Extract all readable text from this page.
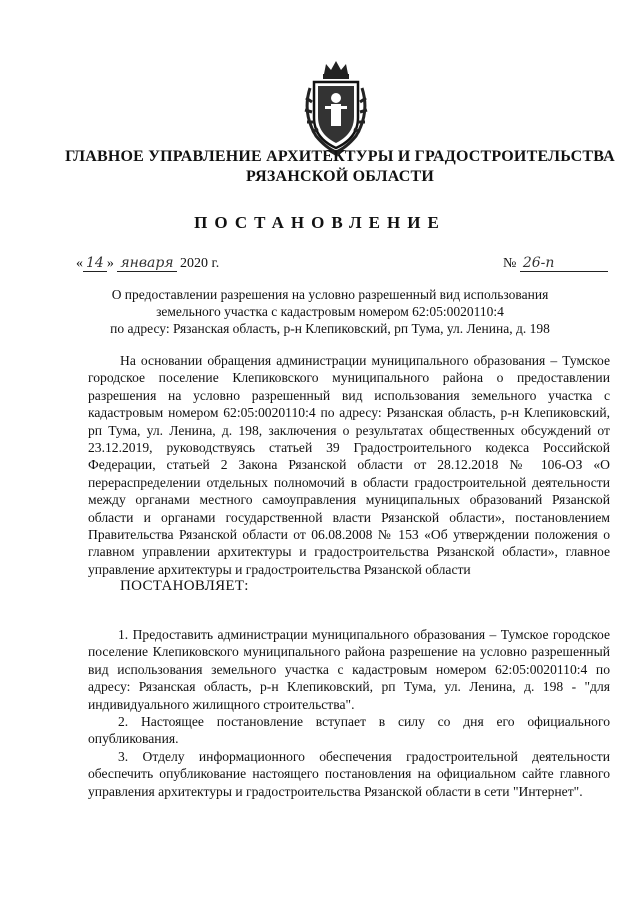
ГЛАВНОЕ УПРАВЛЕНИЕ АРХИТЕКТУРЫ И ГРАДОСТРОИТЕЛЬСТВА
РЯЗАНСКОЙ ОБЛАСТИ
ПОСТАНОВЛЕНИЕ
« 14 » января 2020 г.	№ 26-п
О предоставлении разрешения на условно разрешенный вид использования
земельного участка с кадастровым номером 62:05:0020110:4
по адресу: Рязанская область, р-н Клепиковский, рп Тума, ул. Ленина, д. 198

На основании обращения администрации муниципального образования – Тумское городское поселение Клепиковского муниципального района о предоставлении разрешения на условно разрешенный вид использования земельного участка с кадастровым номером 62:05:0020110:4 по адресу: Рязанская область, р-н Клепиковский, рп Тума, ул. Ленина, д. 198, заключения о результатах общественных обсуждений от 23.12.2019, руководствуясь статьей 39 Градостроительного кодекса Российской Федерации, статьей 2 Закона Рязанской области от 28.12.2018 № 106-ОЗ «О перераспределении отдельных полномочий в области градостроительной деятельности между органами местного самоуправления муниципальных образований Рязанской области и органами государственной власти Рязанской области», постановлением Правительства Рязанской области от 06.08.2008 № 153 «Об утверждении положения о главном управлении архитектуры и градостроительства Рязанской области», главное управление архитектуры и градостроительства Рязанской области

ПОСТАНОВЛЯЕТ:

1. Предоставить администрации муниципального образования – Тумское городское поселение Клепиковского муниципального района разрешение на условно разрешенный вид использования земельного участка с кадастровым номером 62:05:0020110:4 по адресу: Рязанская область, р-н Клепиковский, рп Тума, ул. Ленина, д. 198 - "для индивидуального жилищного строительства".

2. Настоящее постановление вступает в силу со дня его официального опубликования.

3. Отделу информационного обеспечения градостроительной деятельности обеспечить опубликование настоящего постановления на официальном сайте главного управления архитектуры и градостроительства Рязанской области в сети "Интернет".
